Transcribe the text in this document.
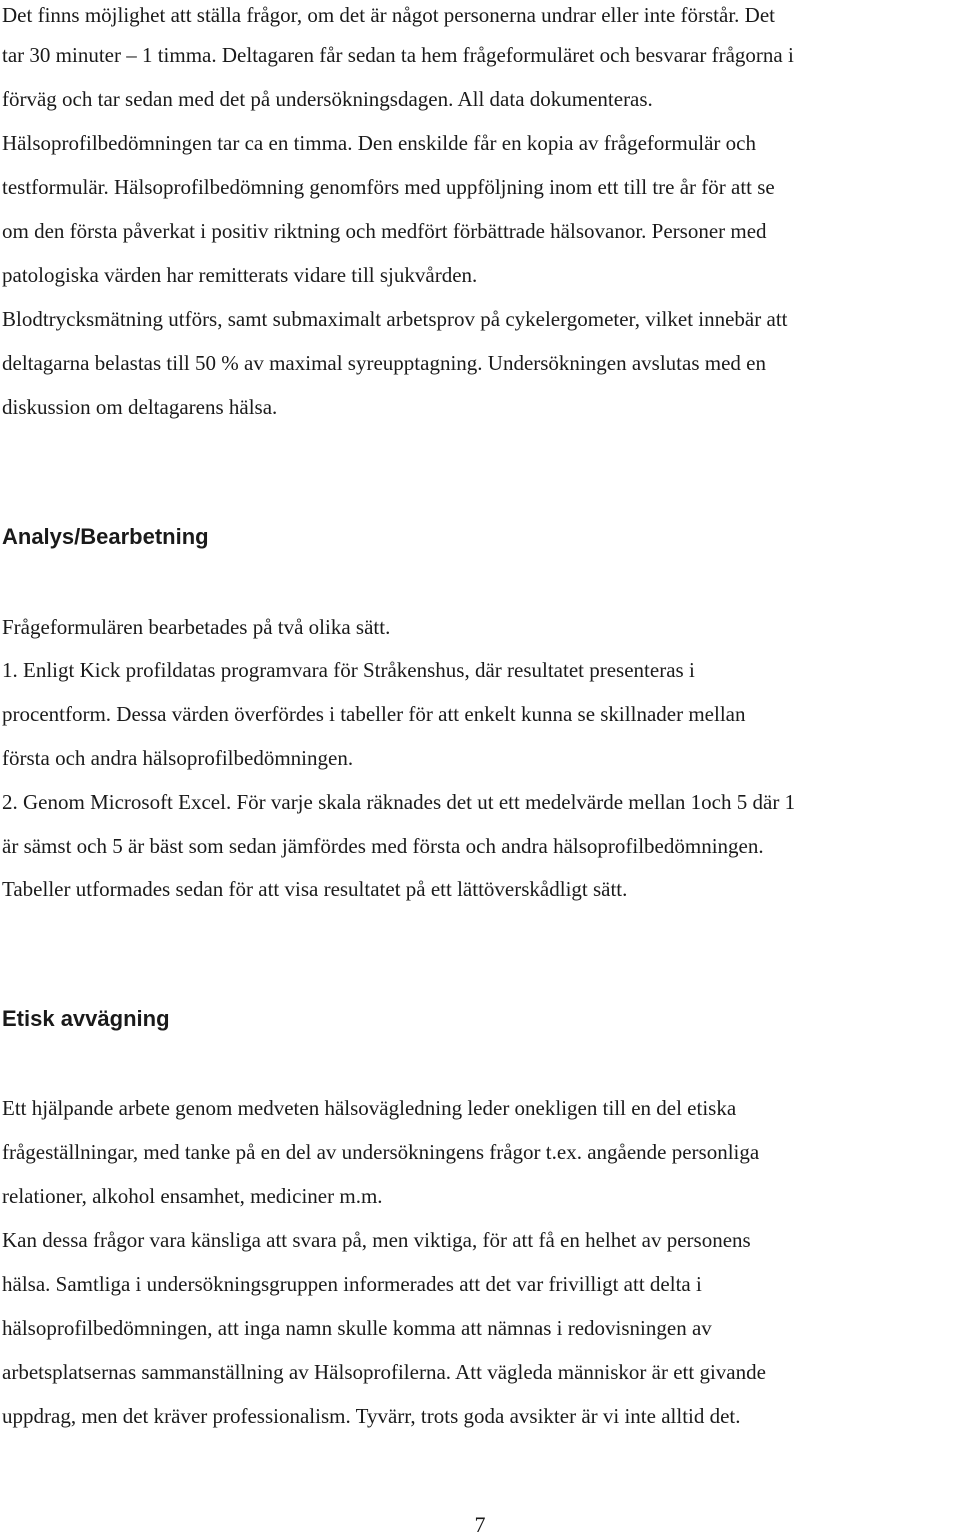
Det finns möjlighet att ställa frågor, om det är något personerna undrar eller inte förstår. Det
tar 30 minuter – 1 timma. Deltagaren får sedan ta hem frågeformuläret och besvarar frågorna i
förväg och tar sedan med det på undersökningsdagen. All data dokumenteras.
Hälsoprofilbedömningen tar ca en timma. Den enskilde får en kopia av frågeformulär och
testformulär. Hälsoprofilbedömning genomförs med uppföljning inom ett till tre år för att se
om den första påverkat i positiv riktning och medfört förbättrade hälsovanor. Personer med
patologiska värden har remitterats vidare till sjukvården.
Blodtrycksmätning utförs, samt submaximalt arbetsprov på cykelergometer, vilket innebär att
deltagarna belastas till 50 % av maximal syreupptagning. Undersökningen avslutas med en
diskussion om deltagarens hälsa.
Analys/Bearbetning
Frågeformulären bearbetades på två olika sätt.
1. Enligt Kick profildatas programvara för Stråkenshus, där resultatet presenteras i
procentform. Dessa värden överfördes i tabeller för att enkelt kunna se skillnader mellan
första och andra hälsoprofilbedömningen.
2. Genom Microsoft Excel. För varje skala räknades det ut ett medelvärde mellan 1och 5 där 1
är sämst och 5 är bäst som sedan jämfördes med första och andra hälsoprofilbedömningen.
Tabeller utformades sedan för att visa resultatet på ett lättöverskådligt sätt.
Etisk avvägning
Ett hjälpande arbete genom medveten hälsovägledning leder onekligen till en del etiska
frågeställningar, med tanke på en del av undersökningens frågor t.ex. angående personliga
relationer, alkohol ensamhet, mediciner m.m.
Kan dessa frågor vara känsliga att svara på, men viktiga, för att få en helhet av personens
hälsa. Samtliga i undersökningsgruppen informerades att det var frivilligt att delta i
hälsoprofilbedömningen, att inga namn skulle komma att nämnas i redovisningen av
arbetsplatsernas sammanställning av Hälsoprofilerna. Att vägleda människor är ett givande
uppdrag, men det kräver professionalism. Tyvärr, trots goda avsikter är vi inte alltid det.
7
